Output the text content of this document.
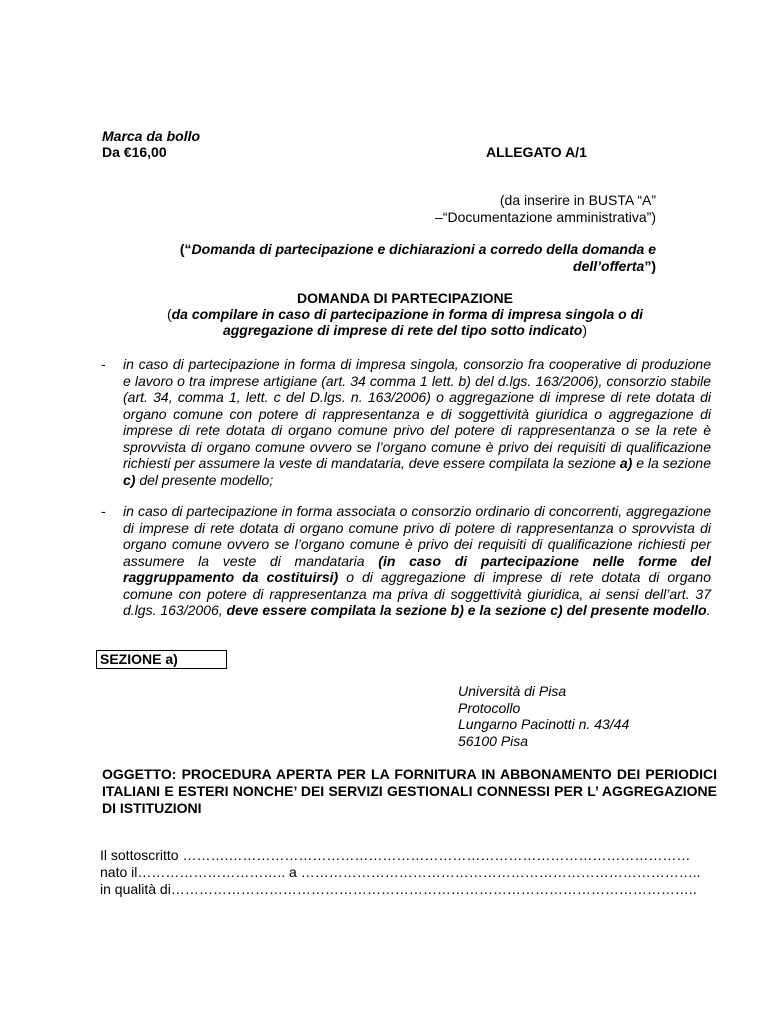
Marca da bollo
Da €16,00	ALLEGATO A/1
(da inserire in BUSTA “A”
–“Documentazione amministrativa”)
(“Domanda di partecipazione e dichiarazioni a corredo della domanda e
dell’offerta”)
DOMANDA DI PARTECIPAZIONE
(da compilare in caso di partecipazione in forma di impresa singola o di
aggregazione di imprese di rete del tipo sotto indicato)
- in caso di partecipazione in forma di impresa singola, consorzio fra cooperative di produzione e lavoro o tra imprese artigiane (art. 34 comma 1 lett. b) del d.lgs. 163/2006), consorzio stabile (art. 34, comma 1, lett. c del D.lgs. n. 163/2006) o aggregazione di imprese di rete dotata di organo comune con potere di rappresentanza e di soggettività giuridica o aggregazione di imprese di rete dotata di organo comune privo del potere di rappresentanza o se la rete è sprovvista di organo comune ovvero se l’organo comune è privo dei requisiti di qualificazione richiesti per assumere la veste di mandataria, deve essere compilata la sezione a) e la sezione c) del presente modello;
- in caso di partecipazione in forma associata o consorzio ordinario di concorrenti, aggregazione di imprese di rete dotata di organo comune privo di potere di rappresentanza o sprovvista di organo comune ovvero se l’organo comune è privo dei requisiti di qualificazione richiesti per assumere la veste di mandataria (in caso di partecipazione nelle forme del raggruppamento da costituirsi) o di aggregazione di imprese di rete dotata di organo comune con potere di rappresentanza ma priva di soggettività giuridica, ai sensi dell’art. 37 d.lgs. 163/2006, deve essere compilata la sezione b) e la sezione c) del presente modello.
SEZIONE a)
Università di Pisa
Protocollo
Lungarno Pacinotti n. 43/44
56100 Pisa
OGGETTO: PROCEDURA APERTA PER LA FORNITURA IN ABBONAMENTO DEI PERIODICI ITALIANI E ESTERI NONCHE’ DEI SERVIZI GESTIONALI CONNESSI PER L’ AGGREGAZIONE DI ISTITUZIONI
Il sottoscritto ……….………………………………………………………………………………………
nato il………………………….. a …………………………………………………………………………..
in qualità di…………………………………………………………………………………………………..
